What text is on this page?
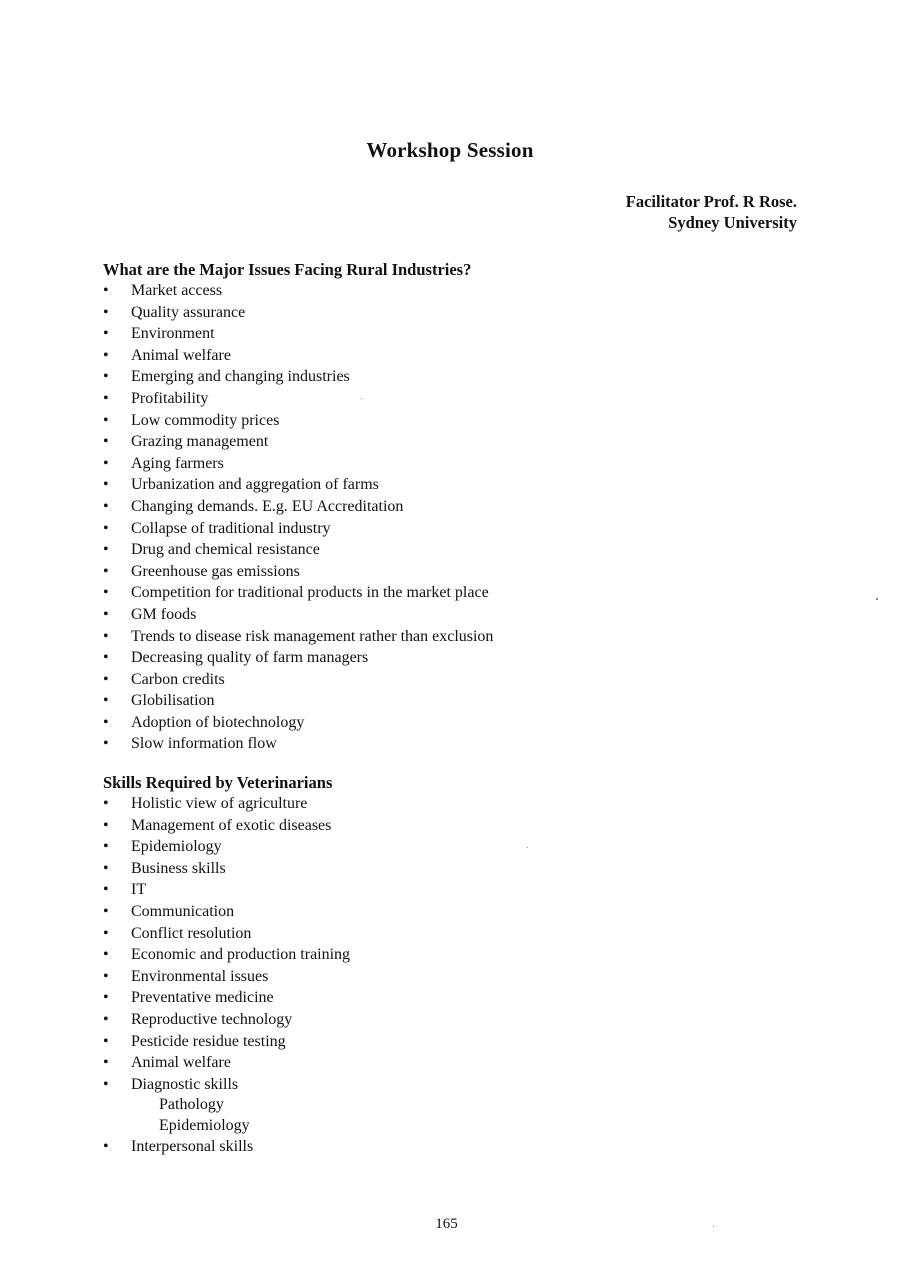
Workshop Session
Facilitator Prof. R Rose.
Sydney University
What are the Major Issues Facing Rural Industries?
• Market access
• Quality assurance
• Environment
• Animal welfare
• Emerging and changing industries
• Profitability
• Low commodity prices
• Grazing management
• Aging farmers
• Urbanization and aggregation of farms
• Changing demands. E.g. EU Accreditation
• Collapse of traditional industry
• Drug and chemical resistance
• Greenhouse gas emissions
• Competition for traditional products in the market place
• GM foods
• Trends to disease risk management rather than exclusion
• Decreasing quality of farm managers
• Carbon credits
• Globilisation
• Adoption of biotechnology
• Slow information flow
Skills Required by Veterinarians
• Holistic view of agriculture
• Management of exotic diseases
• Epidemiology
• Business skills
• IT
• Communication
• Conflict resolution
• Economic and production training
• Environmental issues
• Preventative medicine
• Reproductive technology
• Pesticide residue testing
• Animal welfare
• Diagnostic skills
Pathology
Epidemiology
• Interpersonal skills
165
